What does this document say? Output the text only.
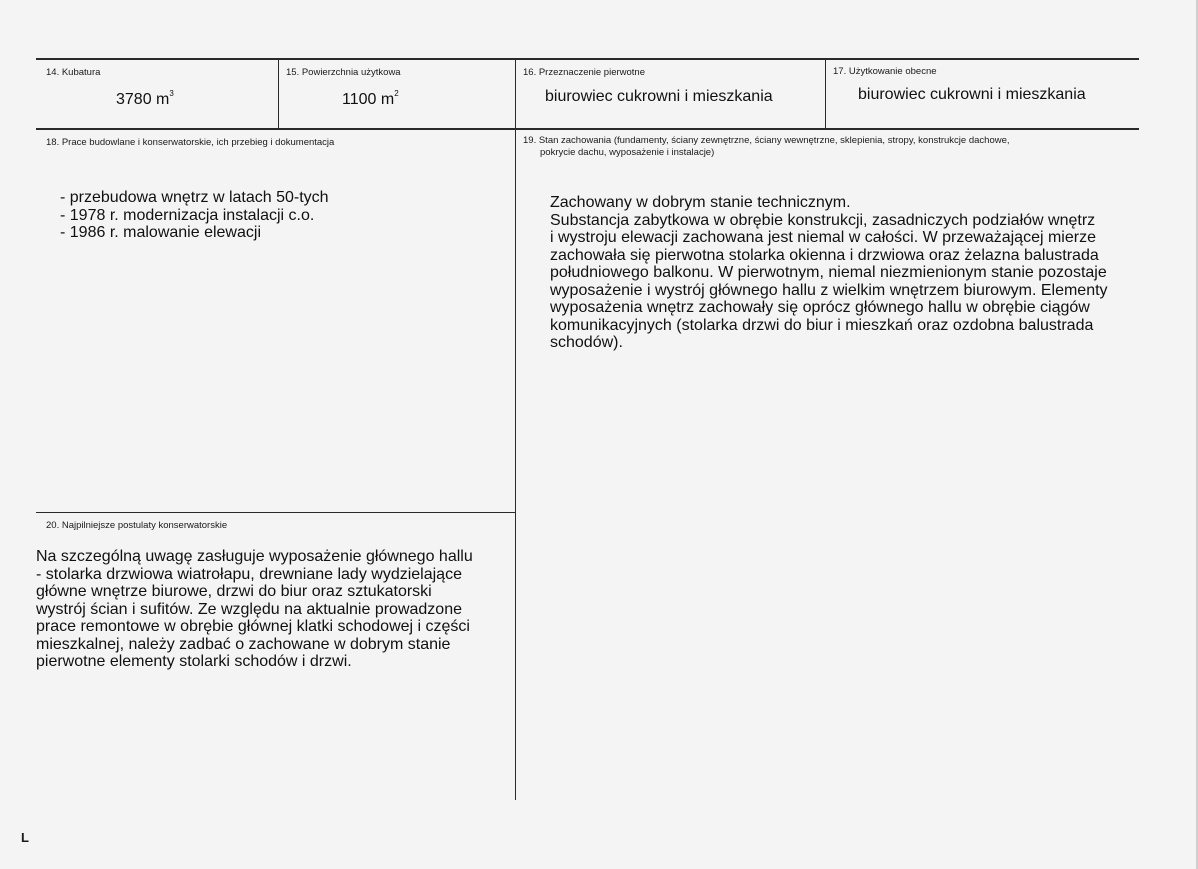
14. Kubatura
3780 $m^3$
15. Powierzchnia użytkowa
1100 $m^2$
16. Przeznaczenie pierwotne
biurowiec cukrowni i mieszkania
17. Użytkowanie obecne
biurowiec cukrowni i mieszkania
18. Prace budowlane i konserwatorskie, ich przebieg i dokumentacja
- przebudowa wnętrz w latach 50-tych
- 1978 r. modernizacja instalacji c.o.
- 1986 r. malowanie elewacji
19. Stan zachowania (fundamenty, ściany zewnętrzne, ściany wewnętrzne, sklepienia, stropy, konstrukcje dachowe,
pokrycie dachu, wyposażenie i instalacje)
Zachowany w dobrym stanie technicznym.
Substancja zabytkowa w obrębie konstrukcji, zasadniczych podziałów wnętrz
i wystroju elewacji zachowana jest niemal w całości. W przeważającej mierze
zachowała się pierwotna stolarka okienna i drzwiowa oraz żelazna balustrada
południowego balkonu. W pierwotnym, niemal niezmienionym stanie pozostaje
wyposażenie i wystrój głównego hallu z wielkim wnętrzem biurowym. Elementy
wyposażenia wnętrz zachowały się oprócz głównego hallu w obrębie ciągów
komunikacyjnych (stolarka drzwi do biur i mieszkań oraz ozdobna balustrada
schodów).
20. Najpilniejsze postulaty konserwatorskie
Na szczególną uwagę zasługuje wyposażenie głównego hallu
- stolarka drzwiowa wiatrołapu, drewniane lady wydzielające
główne wnętrze biurowe, drzwi do biur oraz sztukatorski
wystrój ścian i sufitów. Ze względu na aktualnie prowadzone
prace remontowe w obrębie głównej klatki schodowej i części
mieszkalnej, należy zadbać o zachowane w dobrym stanie
pierwotne elementy stolarki schodów i drzwi.
L
